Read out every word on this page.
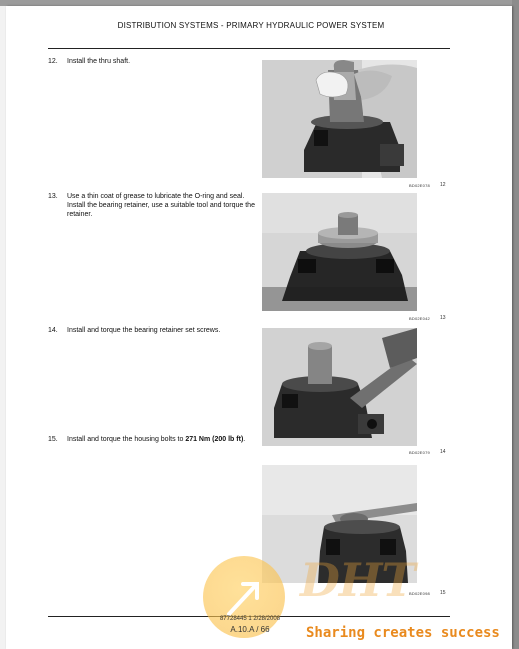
DISTRIBUTION SYSTEMS - PRIMARY HYDRAULIC POWER SYSTEM
12.	Install the thru shaft.
BD02E078 12
13.	Use a thin coat of grease to lubricate the O-ring and seal. Install the bearing retainer, use a suitable tool and torque the retainer.
BD02E042 13
14.	Install and torque the bearing retainer set screws.
BD02E079 14
15.	Install and torque the housing bolts to 271 Nm (200 lb ft).
BD02E098 15
DHT
87728445 1 2/28/2008
A.10.A / 66	Sharing creates success
